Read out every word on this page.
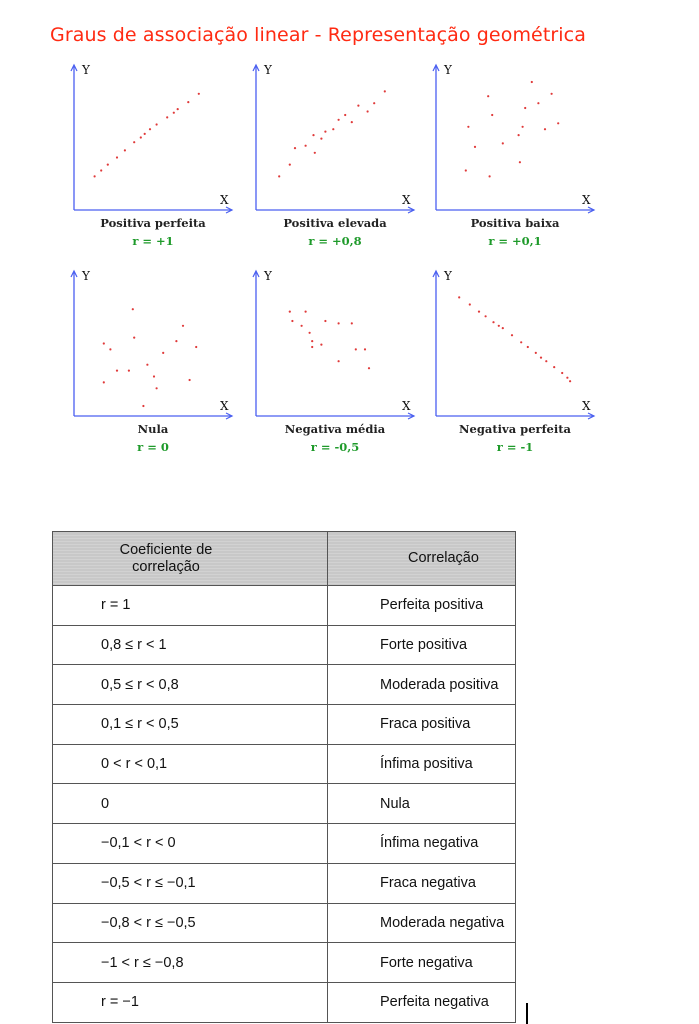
Graus de associação linear - Representação geométrica
Y
X
Positiva perfeita
r = +1
Y
X
Positiva elevada
r = +0,8
Y
X
Positiva baixa
r = +0,1
Y
X
Nula
r = 0
Y
X
Negativa média
r = -0,5
Y
X
Negativa perfeita
r = -1
Coeficiente de correlação	Correlação
r = 1	Perfeita positiva
0,8 ≤ r < 1	Forte positiva
0,5 ≤ r < 0,8	Moderada positiva
0,1 ≤ r < 0,5	Fraca positiva
0 < r < 0,1	Ínfima positiva
0	Nula
−0,1 < r < 0	Ínfima negativa
−0,5 < r ≤ −0,1	Fraca negativa
−0,8 < r ≤ −0,5	Moderada negativa
−1 < r ≤ −0,8	Forte negativa
r = −1	Perfeita negativa
